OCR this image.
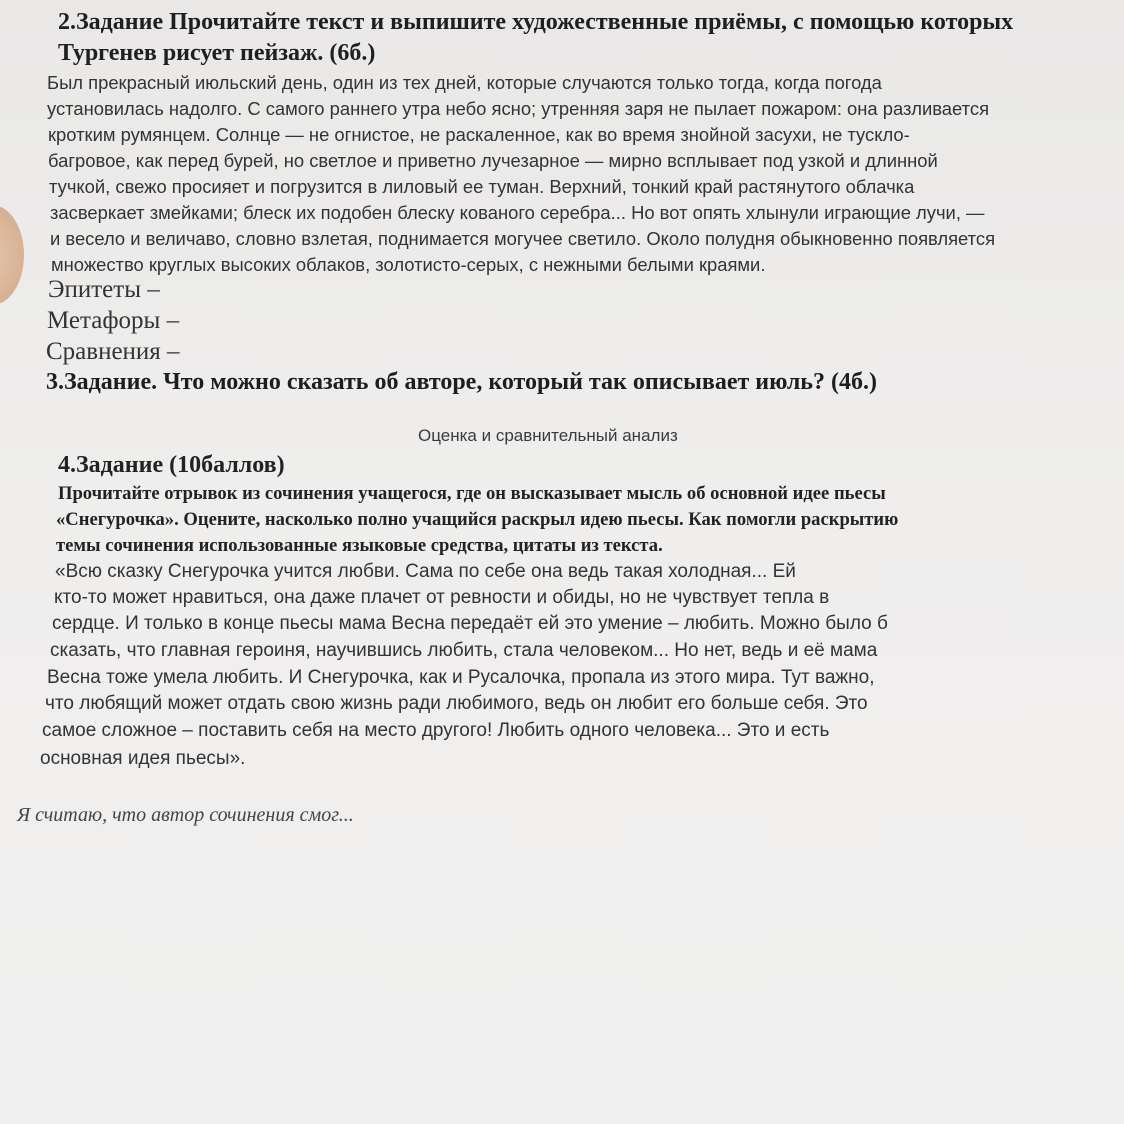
2.Задание Прочитайте текст и выпишите художественные приёмы, с помощью которых
Тургенев рисует пейзаж. (6б.)
Был прекрасный июльский день, один из тех дней, которые случаются только тогда, когда погода
установилась надолго. С самого раннего утра небо ясно; утренняя заря не пылает пожаром: она разливается
кротким румянцем. Солнце — не огнистое, не раскаленное, как во время знойной засухи, не тускло-
багровое, как перед бурей, но светлое и приветно лучезарное — мирно всплывает под узкой и длинной
тучкой, свежо просияет и погрузится в лиловый ее туман. Верхний, тонкий край растянутого облачка
засверкает змейками; блеск их подобен блеску кованого серебра... Но вот опять хлынули играющие лучи, —
и весело и величаво, словно взлетая, поднимается могучее светило. Около полудня обыкновенно появляется
множество круглых высоких облаков, золотисто-серых, с нежными белыми краями.
Эпитеты –
Метафоры –
Сравнения –
3.Задание. Что можно сказать об авторе, который так описывает июль? (4б.)
Оценка и сравнительный анализ
4.Задание (10баллов)
Прочитайте отрывок из сочинения учащегося, где он высказывает мысль об основной идее пьесы
«Снегурочка». Оцените, насколько полно учащийся раскрыл идею пьесы. Как помогли раскрытию
темы сочинения использованные языковые средства, цитаты из текста.
«Всю сказку Снегурочка учится любви. Сама по себе она ведь такая холодная... Ей
кто-то может нравиться, она даже плачет от ревности и обиды, но не чувствует тепла в
сердце. И только в конце пьесы мама Весна передаёт ей это умение – любить. Можно было б
сказать, что главная героиня, научившись любить, стала человеком... Но нет, ведь и её мама
Весна тоже умела любить. И Снегурочка, как и Русалочка, пропала из этого мира. Тут важно,
что любящий может отдать свою жизнь ради любимого, ведь он любит его больше себя. Это
самое сложное – поставить себя на место другого! Любить одного человека... Это и есть
основная идея пьесы».
Я считаю, что автор сочинения смог...
